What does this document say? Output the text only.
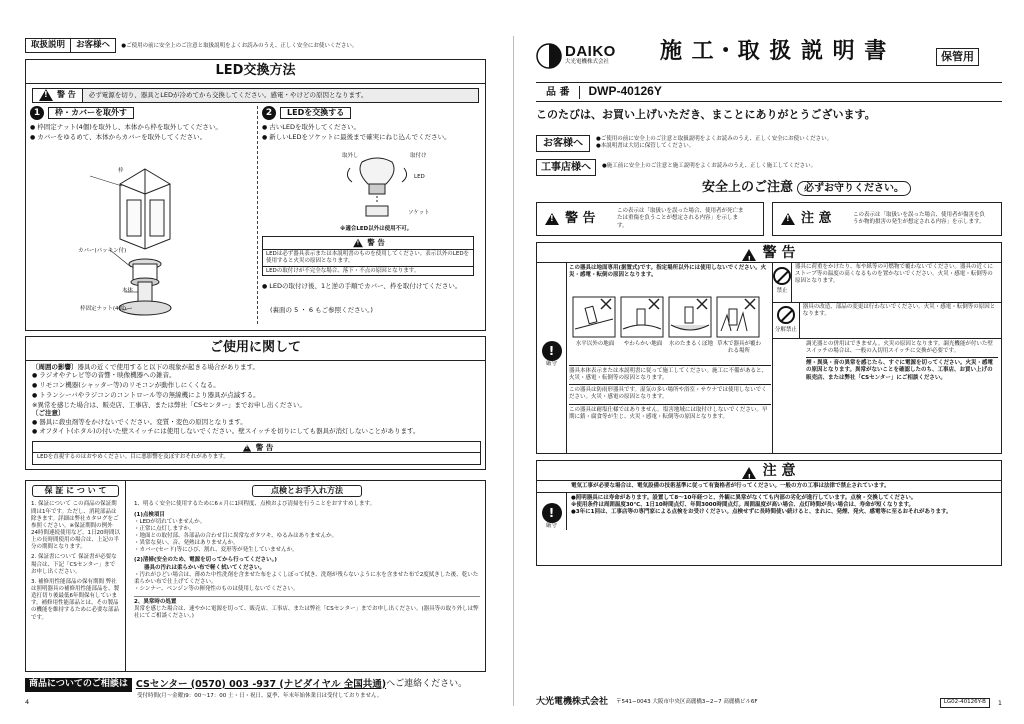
取扱説明 お客様へ ●ご使用の前に安全上のご注意と取扱説明をよくお読みのうえ、正しく安全にお使いください。
LED交換方法
!
警 告	必ず電源を切り、器具とLEDが冷めてから交換してください。感電・やけどの原因となります。
1	枠・カバーを取外す
● 枠固定ナット(4個)を取外し、本体から枠を取外してください。
● カバーをゆるめて、本体からカバーを取外してください。
枠
カバー(パッキン付)
本体
枠固定ナット(4個)
2	LEDを交換する
● 古いLEDを取外してください。
● 新しいLEDをソケットに最後まで確実にねじ込んでください。
取外し	取付け
LED
ソケット
※適合LED以外は使用不可。
! 警 告
LEDは必ず器具表示または本説明書のものを使用してください。表示以外のLEDを使用すると火災の原因となります。
LEDの取付けが不完全な場合、落下・不点の原因となります。
● LEDの取付け後、1と逆の手順でカバー、枠を取付けてください。
(裏面の 5 ・ 6 もご参照ください。)
ご使用に関して
〔周囲の影響〕器具の近くで使用すると以下の現象が起きる場合があります。
● ラジオやテレビ等の音響・映像機器への雑音。
● リモコン機器(シャッター等)のリモコンが動作しにくくなる。
● トランシーバやラジコンのコントロール等の無線機により器具が点滅する。
※異常を感じた場合は、販売店、工事店、または弊社「CSセンター」までお申し出ください。
〔ご注意〕
● 器具に殺虫剤等をかけないでください。変質・変色の原因となります。
● オフタイト(ホタル)の付いた壁スイッチには使用しないでください。壁スイッチを切りにしても器具が消灯しないことがあります。
! 警 告
LEDを直視するのはおやめください。目に悪影響を及ぼすおそれがあります。
保 証 に つ い て

1. 保証について この商品の保証期間は1年です。ただし、消耗部品は除きます。詳細は弊社カタログをご参照ください。※保証期間の例外 24時間連続使用など、1日20時間以上の長時間使用の場合は、上記の半分の期間となります。

2. 保証書について 保証書が必要な場合は、下記「CSセンター」までお申し出ください。

3. 補修用性能部品の保有期間 弊社は照明器具の補修用性能部品を、製造打切り後最低6年間保有しています。補修用性能部品とは、その製品の機能を維持するために必要な部品です。

点検とお手入れ方法

1、明るく安全に使用するために6ヵ月に1回程度、点検および清掃を行うことをおすすめします。

(1)点検項目

・LEDが切れていませんか。

・正常に点灯しますか。

・地面との取付部、各部品の合わせ目に異常なガタツキ、ゆるみはありませんか。

・異常な臭い、音、発熱はありませんか。

・カバー(セード)等にひび、割れ、変形等が発生していませんか。

(2)清掃(安全のため、電源を切ってから行ってください。)

器具の汚れは柔らかい布で軽く拭いてください。

・汚れがひどい場合は、薄めた中性洗剤を含ませた布をよくしぼって拭き、洗剤が残らないように水を含ませた布で2度拭きした後、乾いた柔らかい布で仕上げてください。

・シンナー、ベンジン等の揮発性のものは使用しないでください。

2、異常時の処置

異常を感じた場合は、速やかに電源を切って、販売店、工事店、または弊社「CSセンター」までお申し出ください。(器具等の取り外しは弊社にてご相談ください。)

商品についてのご相談は CSセンター (0570) 003 -937 (ナビダイヤル 全国共通) へご連絡ください。
受付時間(月〜金曜)9：00〜17：00 土・日・祝日、夏季、年末年始休業日は受付しておりません。
4
DAIKO
大光電機株式会社	施 工・取 扱 説 明 書	保管用
品 番	DWP-40126Y
このたびは、お買い上げいただき、まことにありがとうございます。
お客様へ	●ご使用の前に安全上のご注意と取扱説明をよくお読みのうえ、正しく安全にお使いください。
●本説明書は大切に保管してください。
工事店様へ	●施工前に安全上のご注意と施工説明をよくお読みのうえ、正しく施工してください。
安全上のご注意	必ずお守りください。
!
警 告	この表示は「取扱いを誤った場合、使用者が死亡または重傷を負うことが想定される内容」を示します。
!
注 意	この表示は「取扱いを誤った場合、使用者が傷害を負うか物的損害の発生が想定される内容」を示します。
! 警 告
!
厳守

この器具は地面専用(据置式)です。指定場所以外には使用しないでください。火災・感電・転倒の原因となります。

水平以外の地面	やわらかい地面	水のたまるくぼ地 草木で器具が覆われる場所

器具本体表示または本説明書に従って施工してください。施工に不備があると、火災・感電・転倒等の原因となります。

この器具は防雨形器具です。湿気の多い場所や浴室・サウナでは使用しないでください。火災・感電の原因となります。

この器具は耐塩仕様ではありません。塩害地域には取付けしないでください。早期に錆・腐食等が生じ、火災・感電・転倒等の原因となります。

禁止

器具に荷重をかけたり、布や紙等の可燃物で覆わないでください。器具の近くにストーブ等の温度の高くなるものを置かないでください。火災・感電・転倒等の原因となります。

分解禁止

器具の改造、部品の変更は行わないでください。火災・感電・転倒等の原因となります。

調光器との併用はできません。火災の原因となります。調光機能が付いた壁スイッチの場合は、一般の入切用スイッチに交換が必要です。

煙・異臭・音の異常を感じたら、すぐに電源を切ってください。火災・感電の原因となります。異常がないことを確認したのち、工事店、お買い上げの販売店、または弊社「CSセンター」にご相談ください。

! 注 意

電気工事が必要な場合は、電気設備の技術基準に従って有資格者が行ってください。一般の方の工事は法律で禁止されています。

!
厳守

●照明器具には寿命があります。設置して8〜10年経つと、外観に異常がなくても内部の劣化が進行しています。点検・交換してください。

※使用条件は周囲温度30℃、1日10時間点灯、年間3000時間点灯。周囲温度が高い場合、点灯時間が長い場合は、寿命が短くなります。

●3年に1回は、工事店等の専門家による点検をお受けください。点検せずに長時間使い続けると、まれに、発煙、発火、感電等に至るおそれがあります。

大光電機株式会社 〒541−0043 大阪市中央区高麗橋3−2−7 高麗橋ビル6F	LG02-40126Y-B	1
